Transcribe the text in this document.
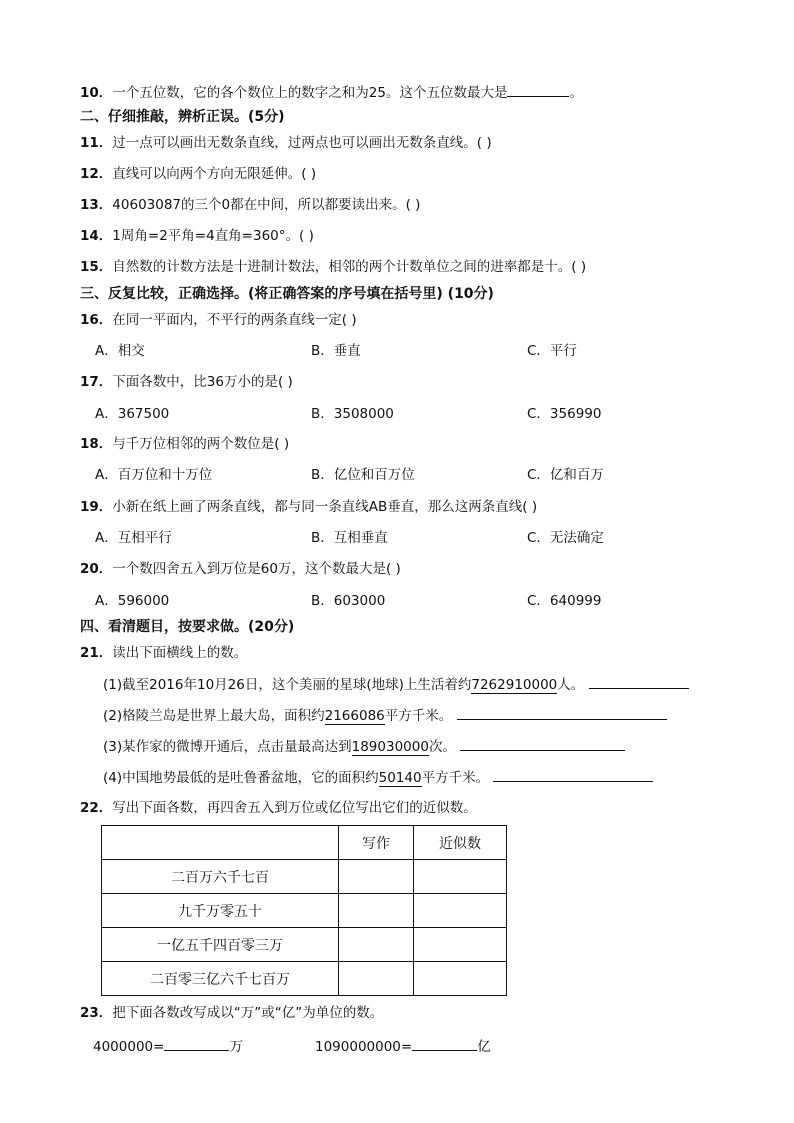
10．一个五位数，它的各个数位上的数字之和为25。这个五位数最大是	。
二、仔细推敲，辨析正误。(5分)
11．过一点可以画出无数条直线，过两点也可以画出无数条直线。( )
12．直线可以向两个方向无限延伸。( )
13．40603087的三个0都在中间，所以都要读出来。( )
14．1周角=2平角=4直角=360°。( )
15．自然数的计数方法是十进制计数法，相邻的两个计数单位之间的进率都是十。( )
三、反复比较，正确选择。(将正确答案的序号填在括号里) (10分)
16．在同一平面内，不平行的两条直线一定( )
A．相交	B．垂直	C．平行
17．下面各数中，比36万小的是( )
A．367500	B．3508000	C．356990
18．与千万位相邻的两个数位是( )
A．百万位和十万位	B．亿位和百万位	C．亿和百万
19．小新在纸上画了两条直线，都与同一条直线AB垂直，那么这两条直线( )
A．互相平行	B．互相垂直	C．无法确定
20．一个数四舍五入到万位是60万，这个数最大是( )
A．596000	B．603000	C．640999
四、看清题目，按要求做。(20分)
21．读出下面横线上的数。
(1)截至2016年10月26日，这个美丽的星球(地球)上生活着约7262910000人。
(2)格陵兰岛是世界上最大岛，面积约2166086平方千米。
(3)某作家的微博开通后，点击量最高达到189030000次。
(4)中国地势最低的是吐鲁番盆地，它的面积约50140平方千米。
22．写出下面各数，再四舍五入到万位或亿位写出它们的近似数。
	写作	近似数
二百万六千七百		
九千万零五十		
一亿五千四百零三万		
二百零三亿六千七百万		
23．把下面各数改写成以“万”或“亿”为单位的数。
4000000=	万	1090000000=	亿
